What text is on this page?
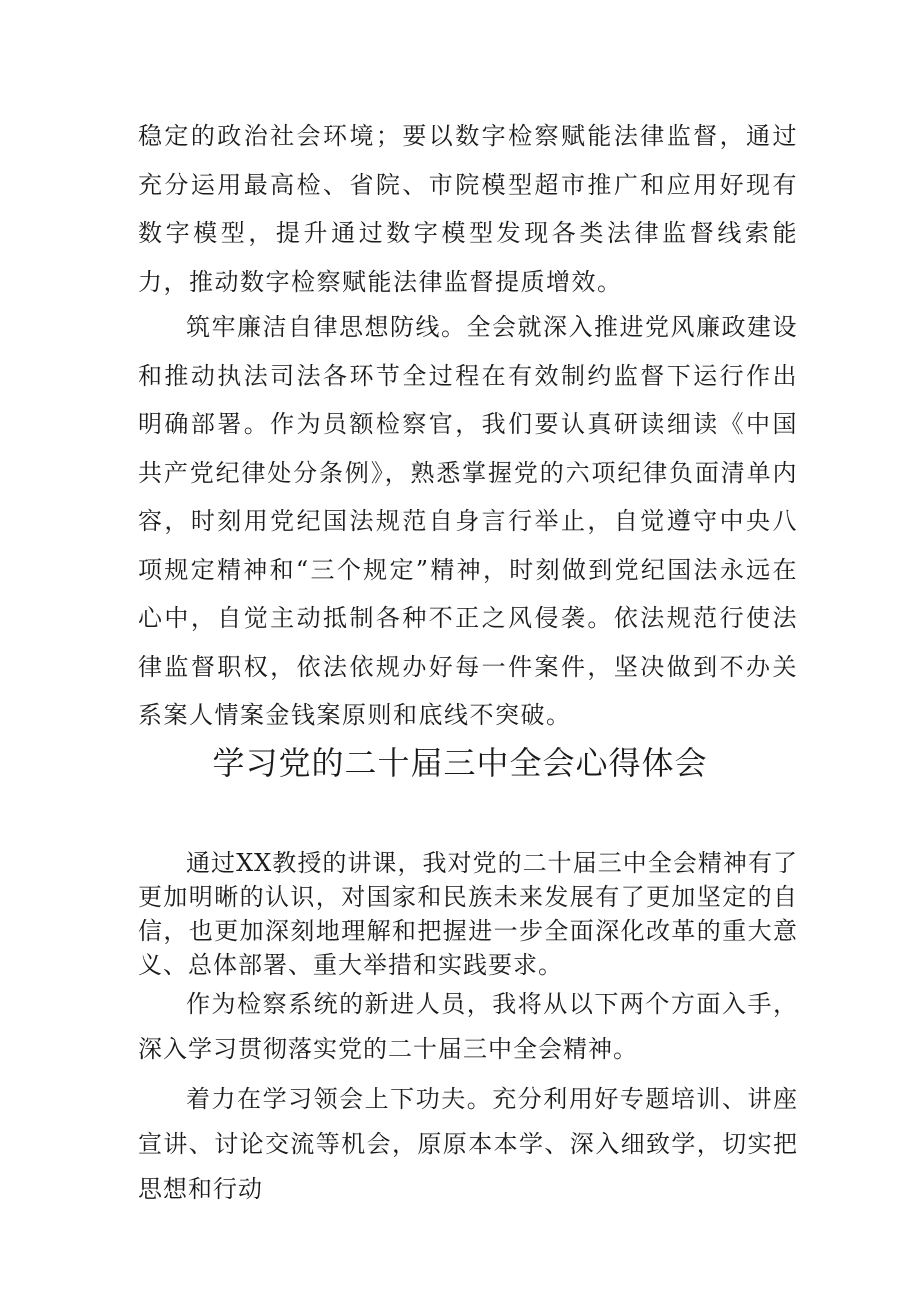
稳定的政治社会环境；要以数字检察赋能法律监督，通过充分运用最高检、省院、市院模型超市推广和应用好现有数字模型，提升通过数字模型发现各类法律监督线索能力，推动数字检察赋能法律监督提质增效。

筑牢廉洁自律思想防线。全会就深入推进党风廉政建设和推动执法司法各环节全过程在有效制约监督下运行作出明确部署。作为员额检察官，我们要认真研读细读《中国共产党纪律处分条例》，熟悉掌握党的六项纪律负面清单内容，时刻用党纪国法规范自身言行举止，自觉遵守中央八项规定精神和“三个规定”精神，时刻做到党纪国法永远在心中，自觉主动抵制各种不正之风侵袭。依法规范行使法律监督职权，依法依规办好每一件案件，坚决做到不办关系案人情案金钱案原则和底线不突破。

学习党的二十届三中全会心得体会

通过XX教授的讲课，我对党的二十届三中全会精神有了更加明晰的认识，对国家和民族未来发展有了更加坚定的自信，也更加深刻地理解和把握进一步全面深化改革的重大意义、总体部署、重大举措和实践要求。

作为检察系统的新进人员，我将从以下两个方面入手，深入学习贯彻落实党的二十届三中全会精神。

着力在学习领会上下功夫。充分利用好专题培训、讲座宣讲、讨论交流等机会，原原本本学、深入细致学，切实把思想和行动
